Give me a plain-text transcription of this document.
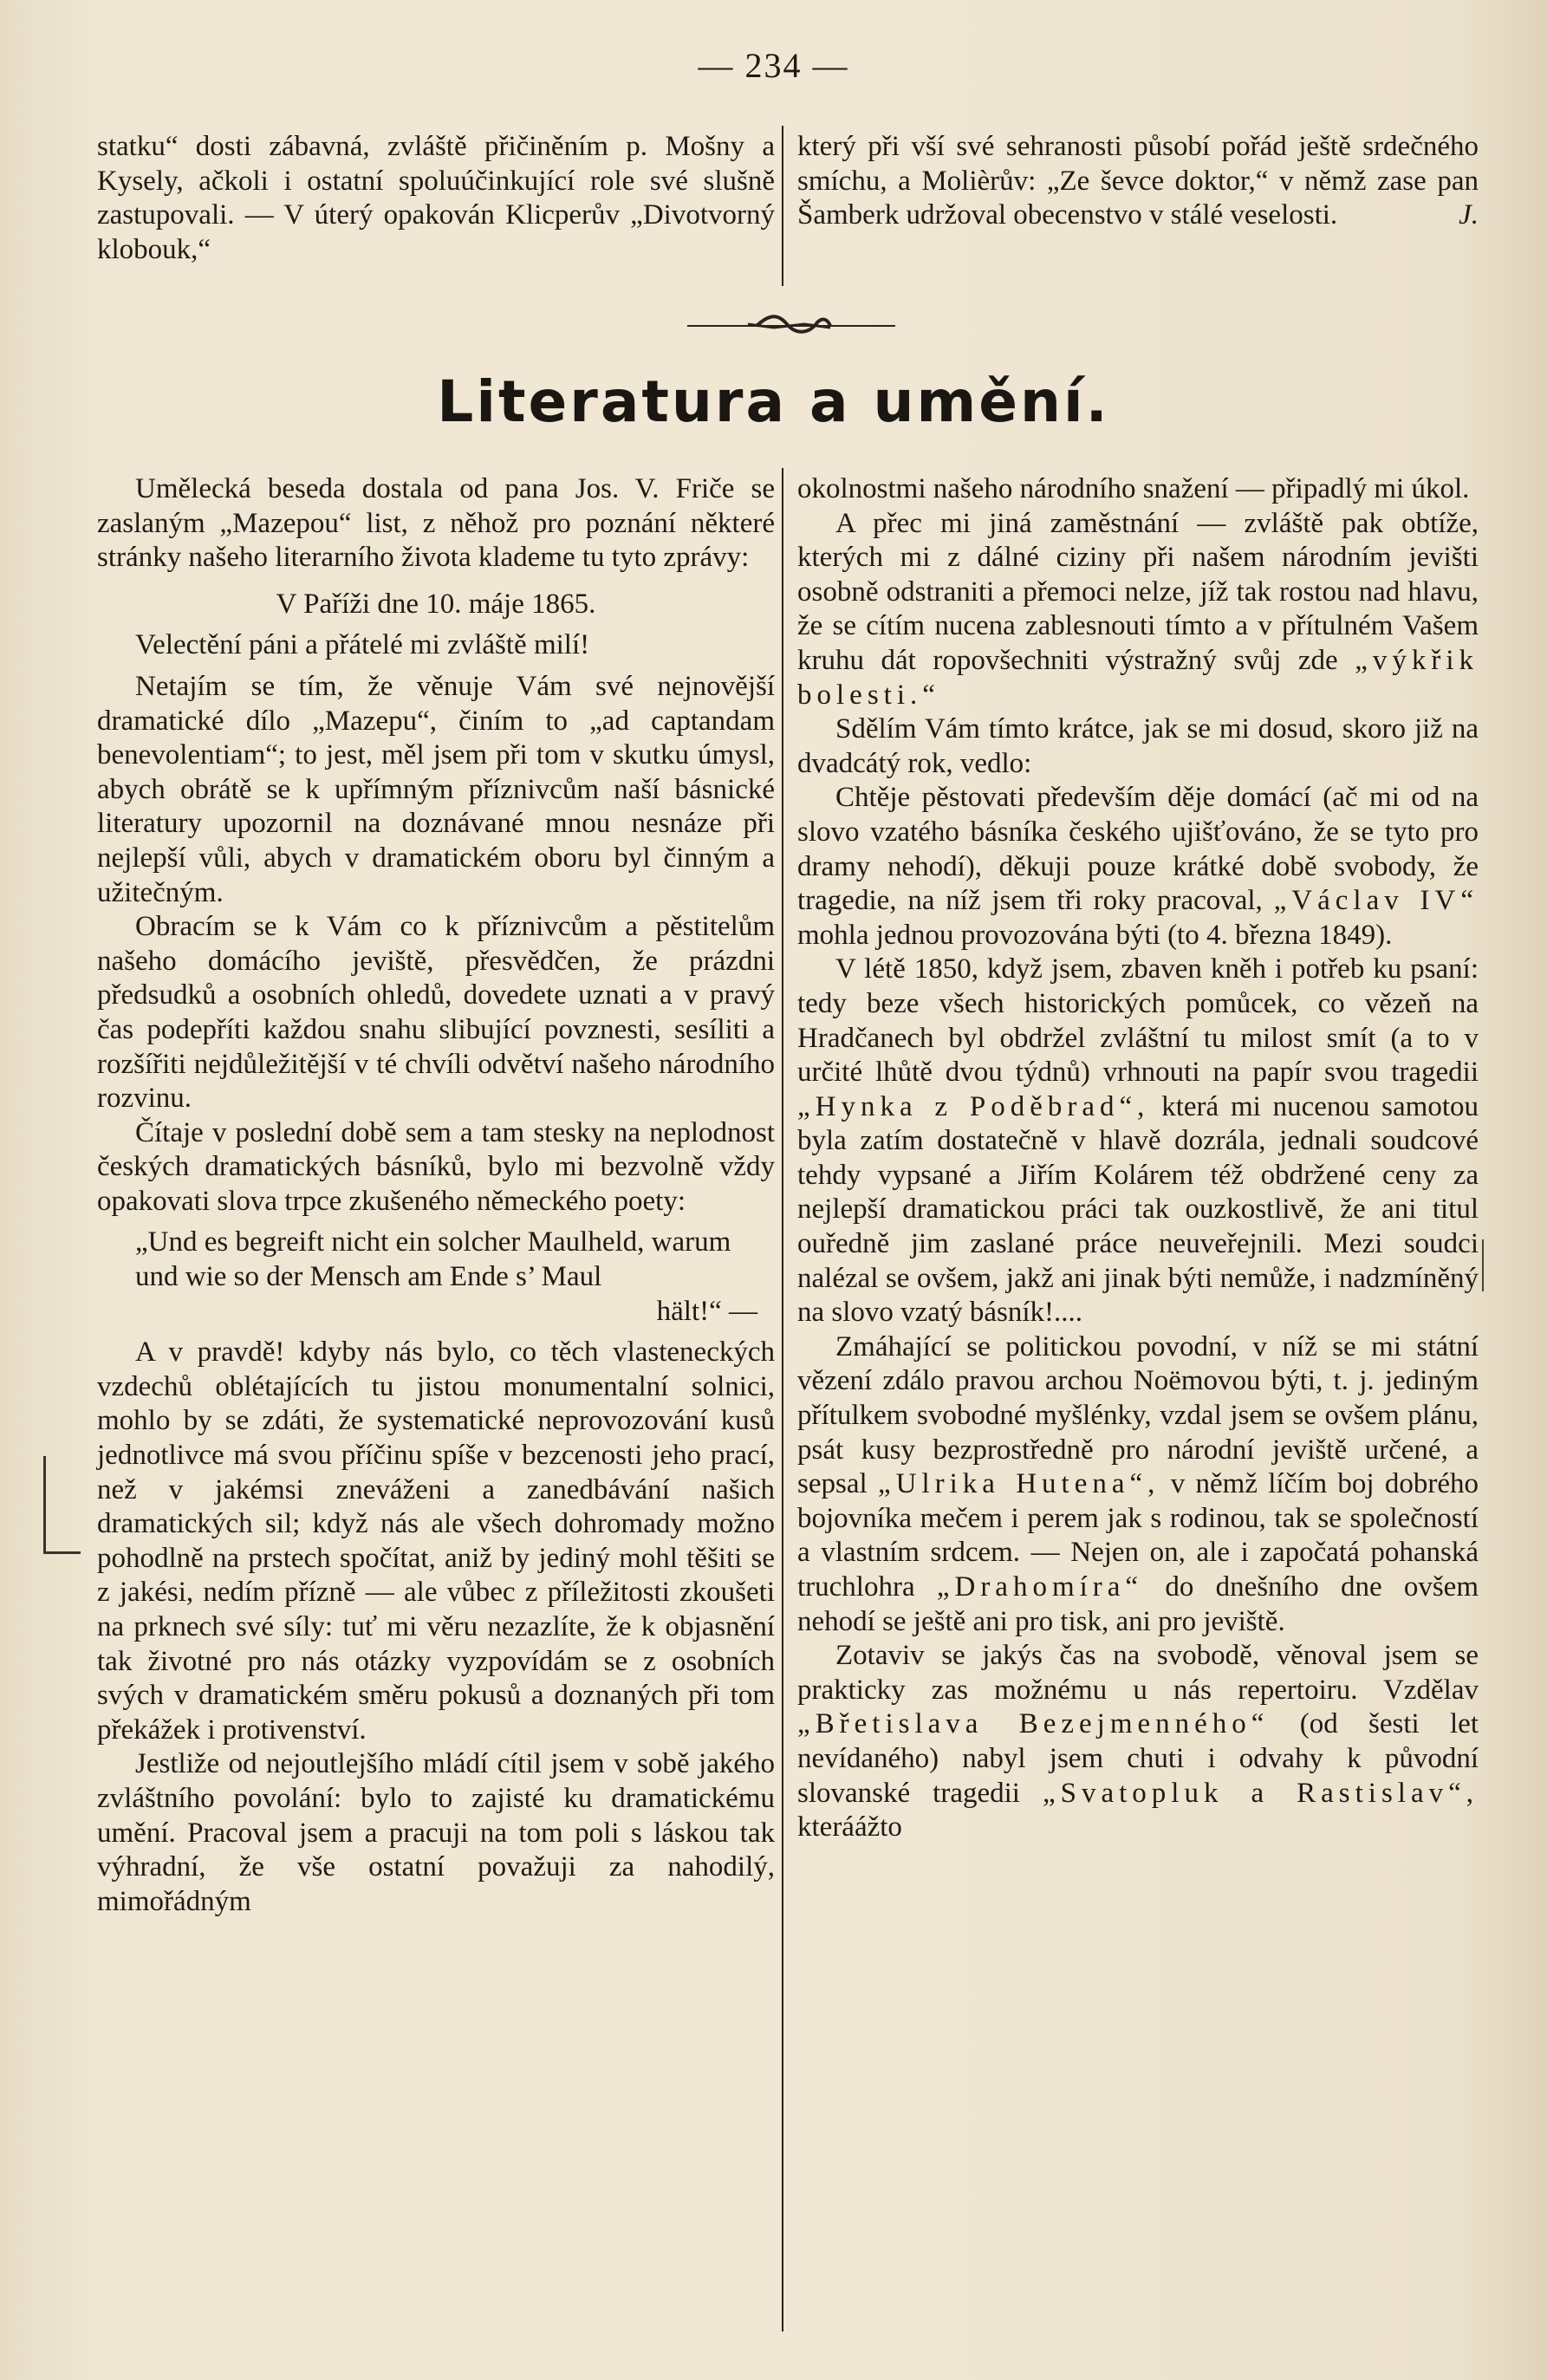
— 234 —

statku“ dosti zábavná, zvláště přičiněním p. Mošny a Kysely, ačkoli i ostatní spoluúčinkující role své slušně zastupovali. — V úterý opakován Klicperův „Divotvorný klobouk,“

který při vší své sehranosti působí pořád ještě srdečného smíchu, a Molièrův: „Ze ševce doktor,“ v němž zase pan Šamberk udržoval obecenstvo v stálé veselosti.	J.

Literatura a umění.

Umělecká beseda dostala od pana Jos. V. Friče se zaslaným „Mazepou“ list, z něhož pro poznání některé stránky našeho literarního života klademe tu tyto zprávy:

V Paříži dne 10. máje 1865.

Velectění páni a přátelé mi zvláště milí!

Netajím se tím, že věnuje Vám své nejnovější dramatické dílo „Mazepu“, činím to „ad captandam benevolentiam“; to jest, měl jsem při tom v skutku úmysl, abych obrátě se k upřímným příznivcům naší básnické literatury upozornil na doznávané mnou nesnáze při nejlepší vůli, abych v dramatickém oboru byl činným a užitečným.

Obracím se k Vám co k příznivcům a pěstitelům našeho domácího jeviště, přesvědčen, že prázdni předsudků a osobních ohledů, dovedete uznati a v pravý čas podepříti každou snahu slibující povznesti, sesíliti a rozšířiti nejdůležitější v té chvíli odvětví našeho národního rozvinu.

Čítaje v poslední době sem a tam stesky na neplodnost českých dramatických básníků, bylo mi bezvolně vždy opakovati slova trpce zkušeného německého poety:

„Und es begreift nicht ein solcher Maulheld, warum und wie so der Mensch am Ende s’ Maul
hält!“ —

A v pravdě! kdyby nás bylo, co těch vlasteneckých vzdechů oblétajících tu jistou monumentalní solnici, mohlo by se zdáti, že systematické neprovozování kusů jednotlivce má svou příčinu spíše v bezcenosti jeho prací, než v jakémsi zneváženi a zanedbávání našich dramatických sil; když nás ale všech dohromady možno pohodlně na prstech spočítat, aniž by jediný mohl těšiti se z jakési, nedím přízně — ale vůbec z příležitosti zkoušeti na prknech své síly: tuť mi věru nezazlíte, že k objasnění tak životné pro nás otázky vyzpovídám se z osobních svých v dramatickém směru pokusů a doznaných při tom překážek i protivenství.

Jestliže od nejoutlejšího mládí cítil jsem v sobě jakého zvláštního povolání: bylo to zajisté ku dramatickému umění. Pracoval jsem a pracuji na tom poli s láskou tak výhradní, že vše ostatní považuji za nahodilý, mimořádným

okolnostmi našeho národního snažení — připadlý mi úkol.

A přec mi jiná zaměstnání — zvláště pak obtíže, kterých mi z dálné ciziny při našem národním jevišti osobně odstraniti a přemoci nelze, jíž tak rostou nad hlavu, že se cítím nucena zablesnouti tímto a v přítulném Vašem kruhu dát ropovšechniti výstražný svůj zde „výkřik bolesti.“

Sdělím Vám tímto krátce, jak se mi dosud, skoro již na dvadcátý rok, vedlo:

Chtěje pěstovati především děje domácí (ač mi od na slovo vzatého básníka českého ujišťováno, že se tyto pro dramy nehodí), děkuji pouze krátké době svobody, že tragedie, na níž jsem tři roky pracoval, „Václav IV“ mohla jednou provozována býti (to 4. března 1849).

V létě 1850, když jsem, zbaven kněh i potřeb ku psaní: tedy beze všech historických pomůcek, co vězeň na Hradčanech byl obdržel zvláštní tu milost smít (a to v určité lhůtě dvou týdnů) vrhnouti na papír svou tragedii „Hynka z Poděbrad“, která mi nucenou samotou byla zatím dostatečně v hlavě dozrála, jednali soudcové tehdy vypsané a Jiřím Kolárem též obdržené ceny za nejlepší dramatickou práci tak ouzkostlivě, že ani titul ouředně jim zaslané práce neuveřejnili. Mezi soudci nalézal se ovšem, jakž ani jinak býti nemůže, i nadzmíněný na slovo vzatý básník!....

Zmáhající se politickou povodní, v níž se mi státní vězení zdálo pravou archou Noëmovou býti, t. j. jediným přítulkem svobodné myšlénky, vzdal jsem se ovšem plánu, psát kusy bezprostředně pro národní jeviště určené, a sepsal „Ulrika Hutena“, v němž líčím boj dobrého bojovníka mečem i perem jak s rodinou, tak se společností a vlastním srdcem. — Nejen on, ale i započatá pohanská truchlohra „Drahomíra“ do dnešního dne ovšem nehodí se ještě ani pro tisk, ani pro jeviště.

Zotaviv se jakýs čas na svobodě, věnoval jsem se prakticky zas možnému u nás repertoiru. Vzdělav „Břetislava Bezejmenného“ (od šesti let nevídaného) nabyl jsem chuti i odvahy k původní slovanské tragedii „Svatopluk a Rastislav“, kteráážto
